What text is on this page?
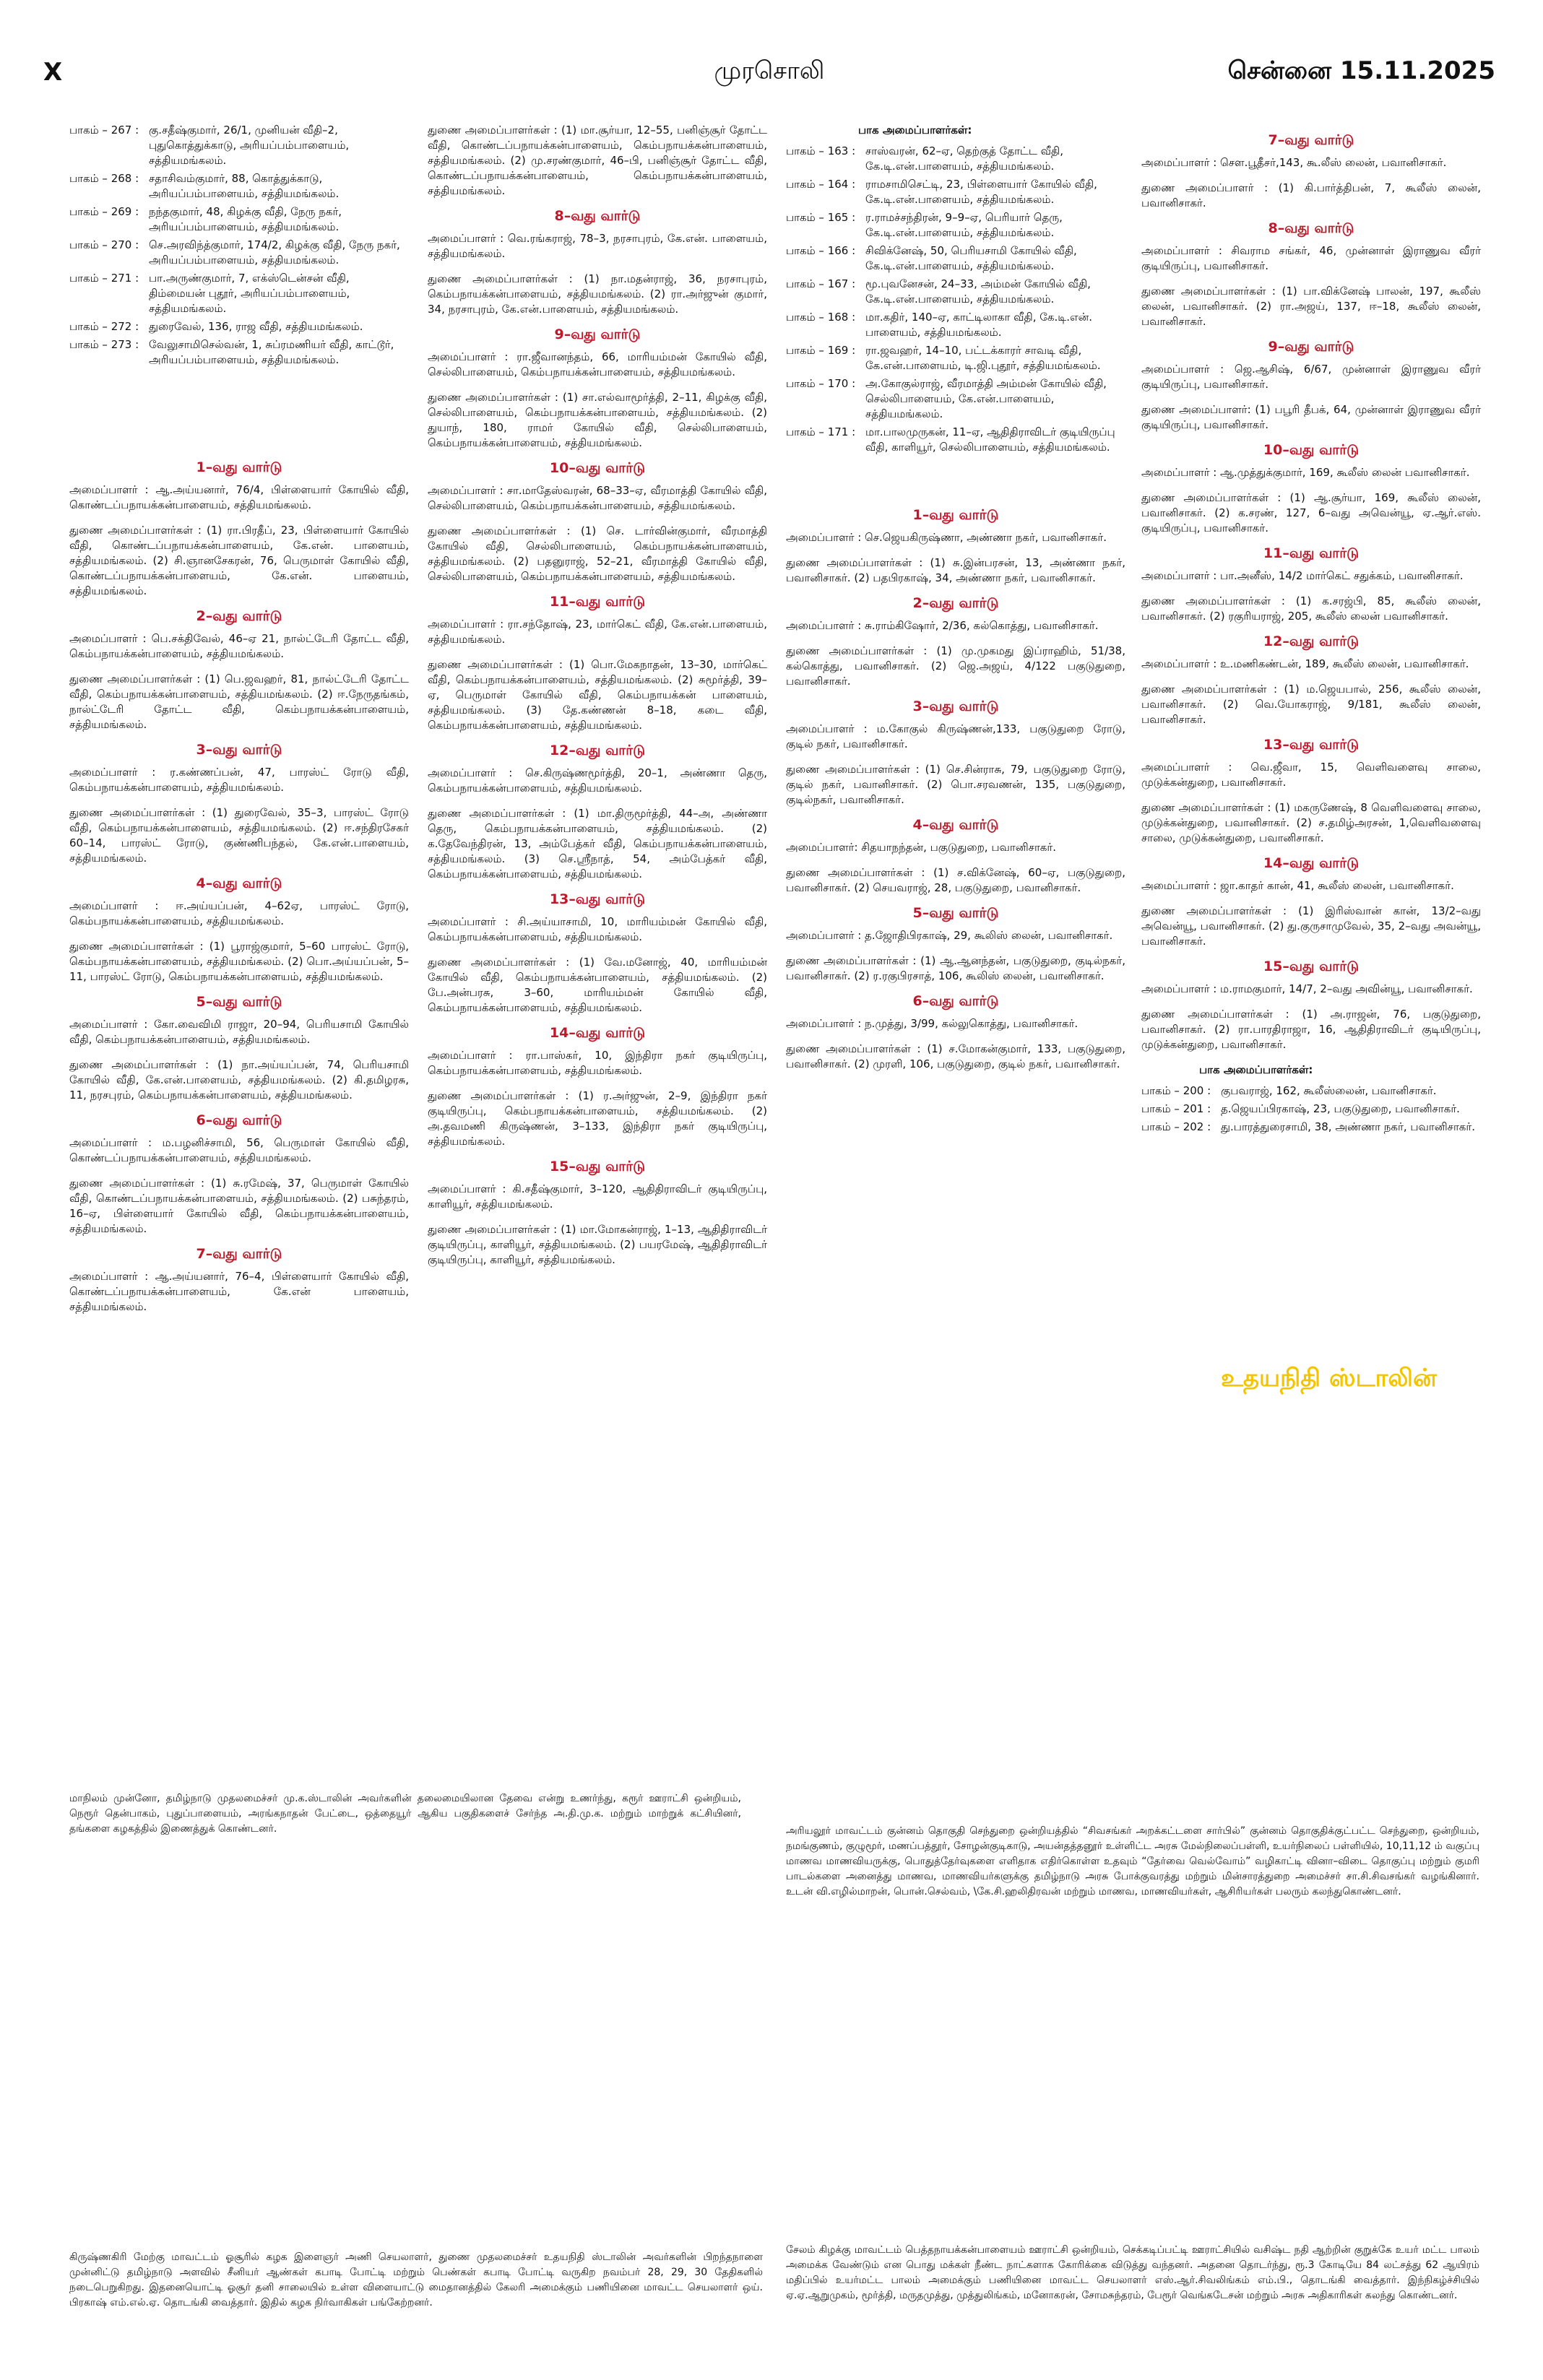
X	முரசொலி	சென்னை 15.11.2025
பாகம் – 267 : கு.சதீஷ்குமார், 26/1, முனியன் வீதி–2, புதுகொத்துக்காடு, அரியப்பம்பாளையம், சத்தியமங்கலம்.
பாகம் – 268 : சதாசிவம்குமார், 88, கொத்துக்காடு, அரியப்பம்பாளையம், சத்தியமங்கலம்.
பாகம் – 269 : நந்தகுமார், 48, கிழக்கு வீதி, நேரு நகர், அரியப்பம்பாளையம், சத்தியமங்கலம்.
பாகம் – 270 : செ.அரவிந்த்குமார், 174/2, கிழக்கு வீதி, நேரு நகர், அரியப்பம்பாளையம், சத்தியமங்கலம்.
பாகம் – 271 : பா.அருண்குமார், 7, எக்ஸ்டென்சன் வீதி, திம்மையன் புதூர், அரியப்பம்பாளையம், சத்தியமங்கலம்.
பாகம் – 272 : துரைவேல், 136, ராஜ வீதி, சத்தியமங்கலம்.
பாகம் – 273 : வேலுசாமிசெல்வன், 1, சுப்ரமணியர் வீதி, காட்டூர், அரியப்பம்பாளையம், சத்தியமங்கலம்.
1–வது வார்டு

அமைப்பாளர் : ஆ.அய்யனார், 76/4, பிள்ளையார் கோயில் வீதி, கொண்டப்பநாயக்கன்பாளையம், சத்தியமங்கலம்.

துணை அமைப்பாளர்கள் : (1) ரா.பிரதீப், 23, பிள்ளையார் கோயில் வீதி, கொண்டப்பநாயக்கன்பாளையம், கே.என். பாளையம், சத்தியமங்கலம். (2) சி.ஞானசேகரன், 76, பெருமாள் கோயில் வீதி, கொண்டப்பநாயக்கன்பாளையம், கே.என். பாளையம், சத்தியமங்கலம்.

2–வது வார்டு

அமைப்பாளர் : பெ.சக்திவேல், 46–ஏ 21, நால்ட்டேரி தோட்ட வீதி, கெம்பநாயக்கன்பாளையம், சத்தியமங்கலம்.

துணை அமைப்பாளர்கள் : (1) பெ.ஜவஹர், 81, நால்ட்டேரி தோட்ட வீதி, கெம்பநாயக்கன்பாளையம், சத்தியமங்கலம். (2) ஈ.நேருதங்கம், நால்ட்டேரி தோட்ட வீதி, கெம்பநாயக்கன்பாளையம், சத்தியமங்கலம்.

3–வது வார்டு

அமைப்பாளர் : ர.கண்ணப்பன், 47, பாரஸ்ட் ரோடு வீதி, கெம்பநாயக்கன்பாளையம், சத்தியமங்கலம்.

துணை அமைப்பாளர்கள் : (1) துரைவேல், 35–3, பாரஸ்ட் ரோடு வீதி, கெம்பநாயக்கன்பாளையம், சத்தியமங்கலம். (2) ஈ.சந்திரசேகர் 60–14, பாரஸ்ட் ரோடு, குண்ணிபந்தல், கே.என்.பாளையம், சத்தியமங்கலம்.

4–வது வார்டு

அமைப்பாளர் : ஈ.அய்யப்பன், 4–62ஏ, பாரஸ்ட் ரோடு, கெம்பநாயக்கன்பாளையம், சத்தியமங்கலம்.

துணை அமைப்பாளர்கள் : (1) பூராஜ்குமார், 5–60 பாரஸ்ட் ரோடு, கெம்பநாயக்கன்பாளையம், சத்தியமங்கலம். (2) பொ.அய்யப்பன், 5–11, பாரஸ்ட் ரோடு, கெம்பநாயக்கன்பாளையம், சத்தியமங்கலம்.

5–வது வார்டு

அமைப்பாளர் : கோ.வைவிமி ராஜா, 20–94, பெரியசாமி கோயில் வீதி, கெம்பநாயக்கன்பாளையம், சத்தியமங்கலம்.

துணை அமைப்பாளர்கள் : (1) நா.அய்யப்பன், 74, பெரியசாமி கோயில் வீதி, கே.என்.பாளையம், சத்தியமங்கலம். (2) கி.தமிழரசு, 11, நரசபுரம், கெம்பநாயக்கன்பாளையம், சத்தியமங்கலம்.

6–வது வார்டு

அமைப்பாளர் : ம.பழனிச்சாமி, 56, பெருமாள் கோயில் வீதி, கொண்டப்பநாயக்கன்பாளையம், சத்தியமங்கலம்.

துணை அமைப்பாளர்கள் : (1) சு.ரமேஷ், 37, பெருமாள் கோயில் வீதி, கொண்டப்பநாயக்கன்பாளையம், சத்தியமங்கலம். (2) பசுந்தரம், 16–ஏ, பிள்ளையார் கோயில் வீதி, கெம்பநாயக்கன்பாளையம், சத்தியமங்கலம்.

7–வது வார்டு

அமைப்பாளர் : ஆ.அய்யனார், 76–4, பிள்ளையார் கோயில் வீதி, கொண்டப்பநாயக்கன்பாளையம், கே.என் பாளையம், சத்தியமங்கலம்.

துணை அமைப்பாளர்கள் : (1) மா.சூர்யா, 12–55, பனிஞ்சூர் தோட்ட வீதி, கொண்டப்பநாயக்கன்பாளையம், கெம்பநாயக்கன்பாளையம், சத்தியமங்கலம். (2) மு.சரண்குமார், 46–பி, பனிஞ்சூர் தோட்ட வீதி, கொண்டப்பநாயக்கன்பாளையம், கெம்பநாயக்கன்பாளையம், சத்தியமங்கலம்.

8–வது வார்டு

அமைப்பாளர் : வெ.ரங்கராஜ், 78–3, நரசாபுரம், கே.என். பாளையம், சத்தியமங்கலம்.

துணை அமைப்பாளர்கள் : (1) நா.மதன்ராஜ், 36, நரசாபுரம், கெம்பநாயக்கன்பாளையம், சத்தியமங்கலம். (2) ரா.அர்ஜுன் குமார், 34, நரசாபுரம், கே.என்.பாளையம், சத்தியமங்கலம்.

9–வது வார்டு

அமைப்பாளர் : ரா.ஜீவானந்தம், 66, மாரியம்மன் கோயில் வீதி, செல்லிபாளையம், கெம்பநாயக்கன்பாளையம், சத்தியமங்கலம்.

துணை அமைப்பாளர்கள் : (1) சா.எல்வாமூர்த்தி, 2–11, கிழக்கு வீதி, செல்லிபாளையம், கெம்பநாயக்கன்பாளையம், சத்தியமங்கலம். (2) துயாந், 180, ராமர் கோயில் வீதி, செல்லிபாளையம், கெம்பநாயக்கன்பாளையம், சத்தியமங்கலம்.

10–வது வார்டு

அமைப்பாளர் : சா.மாதேஸ்வரன், 68–33–ஏ, வீரமாத்தி கோயில் வீதி, செல்லிபாளையம், கெம்பநாயக்கன்பாளையம், சத்தியமங்கலம்.

துணை அமைப்பாளர்கள் : (1) செ. டார்வின்குமார், வீரமாத்தி கோயில் வீதி, செல்லிபாளையம், கெம்பநாயக்கன்பாளையம், சத்தியமங்கலம். (2) பதனுராஜ், 52–21, வீரமாத்தி கோயில் வீதி, செல்லிபாளையம், கெம்பநாயக்கன்பாளையம், சத்தியமங்கலம்.

11–வது வார்டு

அமைப்பாளர் : ரா.சந்தோஷ், 23, மார்கெட் வீதி, கே.என்.பாளையம், சத்தியமங்கலம்.

துணை அமைப்பாளர்கள் : (1) பொ.மேகநாதன், 13–30, மார்கெட் வீதி, கெம்பநாயக்கன்பாளையம், சத்தியமங்கலம். (2) சுமூர்த்தி, 39–ஏ, பெருமாள் கோயில் வீதி, கெம்பநாயக்கன் பாளையம், சத்தியமங்கலம். (3) தே.கண்ணன் 8–18, கடை வீதி, கெம்பநாயக்கன்பாளையம், சத்தியமங்கலம்.

12–வது வார்டு

அமைப்பாளர் : செ.கிருஷ்ணமூர்த்தி, 20–1, அண்ணா தெரு, கெம்பநாயக்கன்பாளையம், சத்தியமங்கலம்.

துணை அமைப்பாளர்கள் : (1) மா.திருமூர்த்தி, 44–அ, அண்ணா தெரு, கெம்பநாயக்கன்பாளையம், சத்தியமங்கலம். (2) க.தேவேந்திரன், 13, அம்பேத்கர் வீதி, கெம்பநாயக்கன்பாளையம், சத்தியமங்கலம். (3) செ.ஸ்ரீநாத், 54, அம்பேத்கர் வீதி, கெம்பநாயக்கன்பாளையம், சத்தியமங்கலம்.

13–வது வார்டு

அமைப்பாளர் : சி.அய்யாசாமி, 10, மாரியம்மன் கோயில் வீதி, கெம்பநாயக்கன்பாளையம், சத்தியமங்கலம்.

துணை அமைப்பாளர்கள் : (1) வே.மனோஜ், 40, மாரியம்மன் கோயில் வீதி, கெம்பநாயக்கன்பாளையம், சத்தியமங்கலம். (2) பே.அன்பரசு, 3–60, மாரியம்மன் கோயில் வீதி, கெம்பநாயக்கன்பாளையம், சத்தியமங்கலம்.

14–வது வார்டு

அமைப்பாளர் : ரா.பாஸ்கர், 10, இந்திரா நகர் குடியிருப்பு, கெம்பநாயக்கன்பாளையம், சத்தியமங்கலம்.

துணை அமைப்பாளர்கள் : (1) ர.அர்ஜுன், 2–9, இந்திரா நகர் குடியிருப்பு, கெம்பநாயக்கன்பாளையம், சத்தியமங்கலம். (2) அ.தவமணி கிருஷ்ணன், 3–133, இந்திரா நகர் குடியிருப்பு, சத்தியமங்கலம்.

15–வது வார்டு

அமைப்பாளர் : கி.சதீஷ்குமார், 3–120, ஆதிதிராவிடர் குடியிருப்பு, காளியூர், சத்தியமங்கலம்.

துணை அமைப்பாளர்கள் : (1) மா.மோகன்ராஜ், 1–13, ஆதிதிராவிடர் குடியிருப்பு, காளியூர், சத்தியமங்கலம். (2) பயரமேஷ், ஆதிதிராவிடர் குடியிருப்பு, காளியூர், சத்தியமங்கலம்.

பாக அமைப்பாளர்கள்:
பாகம் – 163 : சாஸ்வரன், 62–ஏ, தெற்குத் தோட்ட வீதி, கே.டி.என்.பாளையம், சத்தியமங்கலம்.
பாகம் – 164 : ராமசாமிசெட்டி, 23, பிள்ளையார் கோயில் வீதி, கே.டி.என்.பாளையம், சத்தியமங்கலம்.
பாகம் – 165 : ர.ராமச்சந்திரன், 9–9–ஏ, பெரியார் தெரு, கே.டி.என்.பாளையம், சத்தியமங்கலம்.
பாகம் – 166 : சிவிக்னேஷ், 50, பெரியசாமி கோயில் வீதி, கே.டி.என்.பாளையம், சத்தியமங்கலம்.
பாகம் – 167 : மூ.புவனேசன், 24–33, அம்மன் கோயில் வீதி, கே.டி.என்.பாளையம், சத்தியமங்கலம்.
பாகம் – 168 : மா.கதிர், 140–ஏ, காட்டிலாகா வீதி, கே.டி.என். பாளையம், சத்தியமங்கலம்.
பாகம் – 169 : ரா.ஜவஹர், 14–10, பட்டக்காரர் சாவடி வீதி, கே.என்.பாளையம், டி.ஜி.புதூர், சத்தியமங்கலம்.
பாகம் – 170 : அ.கோகுல்ராஜ், வீரமாத்தி அம்மன் கோயில் வீதி, செல்லிபாளையம், கே.என்.பாளையம், சத்தியமங்கலம்.
பாகம் – 171 : மா.பாலமுருகன், 11–ஏ, ஆதிதிராவிடர் குடியிருப்பு வீதி, காளியூர், செல்லிபாளையம், சத்தியமங்கலம்.
1–வது வார்டு

அமைப்பாளர் : செ.ஜெயகிருஷ்ணா, அண்ணா நகர், பவானிசாகர்.

துணை அமைப்பாளர்கள் : (1) சு.இன்பரசன், 13, அண்ணா நகர், பவானிசாகர். (2) பதபிரகாஷ், 34, அண்ணா நகர், பவானிசாகர்.

2–வது வார்டு

அமைப்பாளர் : சு.ராம்கிஷோர், 2/36, கல்கொத்து, பவானிசாகர்.

துணை அமைப்பாளர்கள் : (1) மு.முகமது இப்ராஹிம், 51/38, கல்கொத்து, பவானிசாகர். (2) ஜெ.அஜய், 4/122 பகுடுதுறை, பவானிசாகர்.

3–வது வார்டு

அமைப்பாளர் : ம.கோகுல் கிருஷ்ணன்,133, பகுடுதுறை ரோடு, குடில் நகர், பவானிசாகர்.

துணை அமைப்பாளர்கள் : (1) செ.சின்ராசு, 79, பகுடுதுறை ரோடு, குடில் நகர், பவானிசாகர். (2) பொ.சரவணன், 135, பகுடுதுறை, குடில்நகர், பவானிசாகர்.

4–வது வார்டு

அமைப்பாளர்: சிதயாநந்தன், பகுடுதுறை, பவானிசாகர்.

துணை அமைப்பாளர்கள் : (1) ச.விக்னேஷ், 60–ஏ, பகுடுதுறை, பவானிசாகர். (2) செயவராஜ், 28, பகுடுதுறை, பவானிசாகர்.

5–வது வார்டு

அமைப்பாளர் : த.ஜோதிபிரகாஷ், 29, கூலிஸ் லைன், பவானிசாகர்.

துணை அமைப்பாளர்கள் : (1) ஆ.ஆனந்தன், பகுடுதுறை, குடில்நகர், பவானிசாகர். (2) ர.ரகுபிரசாத், 106, கூலிஸ் லைன், பவானிசாகர்.

6–வது வார்டு

அமைப்பாளர் : ந.முத்து, 3/99, கல்லுகொத்து, பவானிசாகர்.

துணை அமைப்பாளர்கள் : (1) ச.மோகன்குமார், 133, பகுடுதுறை, பவானிசாகர். (2) முரளி, 106, பகுடுதுறை, குடில் நகர், பவானிசாகர்.

7–வது வார்டு

அமைப்பாளர் : செள.பூதீசர்,143, கூ.லீஸ் லைன், பவானிசாகர்.

துணை அமைப்பாளர் : (1) கி.பார்த்திபன், 7, கூலீஸ் லைன், பவானிசாகர்.

8–வது வார்டு

அமைப்பாளர் : சிவராம சங்கர், 46, முன்னாள் இராணுவ வீரர் குடியிருப்பு, பவானிசாகர்.

துணை அமைப்பாளர்கள் : (1) பா.விக்னேஷ் பாலன், 197, கூலீஸ் லைன், பவானிசாகர். (2) ரா.அஜய், 137, ஈ–18, கூலீஸ் லைன், பவானிசாகர்.

9–வது வார்டு

அமைப்பாளர் : ஜெ.ஆசிஷ், 6/67, முன்னாள் இராணுவ வீரர் குடியிருப்பு, பவானிசாகர்.

துணை அமைப்பாளர்: (1) பபூரி தீபக், 64, முன்னாள் இராணுவ வீரர் குடியிருப்பு, பவானிசாகர்.

10–வது வார்டு

அமைப்பாளர் : ஆ.முத்துக்குமார், 169, கூலீஸ் லைன் பவானிசாகர்.

துணை அமைப்பாளர்கள் : (1) ஆ.சூர்யா, 169, கூலீஸ் லைன், பவானிசாகர். (2) க.சரண், 127, 6–வது அவென்யூ, ஏ.ஆர்.எஸ். குடியிருப்பு, பவானிசாகர்.

11–வது வார்டு

அமைப்பாளர் : பா.அனீஸ், 14/2 மார்கெட் சதுக்கம், பவானிசாகர்.

துணை அமைப்பாளர்கள் : (1) க.சரஜ்பி, 85, கூலீஸ் லைன், பவானிசாகர். (2) ரகுரியராஜ், 205, கூலீஸ் லைன் பவானிசாகர்.

12–வது வார்டு

அமைப்பாளர் : உ.மணிகண்டன், 189, கூலீஸ் லைன், பவானிசாகர்.

துணை அமைப்பாளர்கள் : (1) ம.ஜெயபால், 256, கூலீஸ் லைன், பவானிசாகர். (2) வெ.யோகராஜ், 9/181, கூலீஸ் லைன், பவானிசாகர்.

13–வது வார்டு

அமைப்பாளர் : வெ.ஜீவா, 15, வெளிவளைவு சாலை, முடுக்கன்துறை, பவானிசாகர்.

துணை அமைப்பாளர்கள் : (1) மகருணேஷ், 8 வெளிவளைவு சாலை, முடுக்கன்துறை, பவானிசாகர். (2) ச.தமிழ்அரசன், 1,வெளிவளைவு சாலை, முடுக்கன்துறை, பவானிசாகர்.

14–வது வார்டு

அமைப்பாளர் : ஜா.காதர் கான், 41, கூலீஸ் லைன், பவானிசாகர்.

துணை அமைப்பாளர்கள் : (1) இரிஸ்வான் கான், 13/2–வது அவென்யூ, பவானிசாகர். (2) து.குருசாமுவேல், 35, 2–வது அவன்யூ, பவானிசாகர்.

15–வது வார்டு

அமைப்பாளர் : ம.ராமகுமார், 14/7, 2–வது அவின்யூ, பவானிசாகர்.

துணை அமைப்பாளர்கள் : (1) அ.ராஜன், 76, பகுடுதுறை, பவானிசாகர். (2) ரா.பாரதிராஜா, 16, ஆதிதிராவிடர் குடியிருப்பு, முடுக்கன்துறை, பவானிசாகர்.

பாக அமைப்பாளர்கள்:
பாகம் – 200 : குபவராஜ், 162, கூலீஸ்லைன், பவானிசாகர்.
பாகம் – 201 : த.ஜெயப்பிரகாஷ், 23, பகுடுதுறை, பவானிசாகர்.
பாகம் – 202 : து.பாரத்துரைசாமி, 38, அண்ணா நகர், பவானிசாகர்.
உதயநிதி ஸ்டாலின்
மாநிலம் முன்னோ, தமிழ்நாடு முதலமைச்சர் மு.க.ஸ்டாலின் அவர்களின் தலைமையிலான தேவை என்று உணர்ந்து, கரூர் ஊராட்சி ஒன்றியம், நெரூர் தென்பாகம், புதுப்பாளையம், அரங்கநாதன் பேட்டை, ஒத்தையூர் ஆகிய பகுதிகளைச் சேர்ந்த அ.தி.மு.க. மற்றும் மாற்றுக் கட்சியினர், தங்களை கழகத்தில் இணைத்துக் கொண்டனர்.	அரியலூர் மாவட்டம் குன்னம் தொகுதி செந்துறை ஒன்றியத்தில் “சிவசங்கர் அறக்கட்டளை சார்பில்” குன்னம் தொகுதிக்குட்பட்ட செந்துறை, ஒன்றியம், நமங்குணம், குழுமூர், மணப்பத்தூர், சோழன்குடிகாடு, அயன்தத்தனூர் உள்ளிட்ட அரசு மேல்நிலைப்பள்ளி, உயர்நிலைப் பள்ளியில், 10,11,12 ம் வகுப்பு மாணவ மாணவியருக்கு, பொதுத்தேர்வுகளை எளிதாக எதிர்கொள்ள உதவும் “தேர்வை வெல்வோம்” வழிகாட்டி வினா–விடை தொகுப்பு மற்றும் குமரி பாடல்களை அனைத்து மாணவ, மாணவியர்களுக்கு தமிழ்நாடு அரசு போக்குவரத்து மற்றும் மின்சாரத்துறை அமைச்சர் சா.சி.சிவசங்கர் வழங்கினார். உடன் வி.எழில்மாறன், பொன்.செல்வம், \கே.சி.ஹலிதிரவன் மற்றும் மாணவ, மாணவியர்கள், ஆசிரியர்கள் பலரும் கலந்துகொண்டனர்.
கிருஷ்ணகிரி மேற்கு மாவட்டம் ஓசூரில் கழக இளைஞர் அணி செயலாளர், துணை முதலமைச்சர் உதயநிதி ஸ்டாலின் அவர்களின் பிறந்தநாளை முன்னிட்டு தமிழ்நாடு அளவில் சீனியர் ஆண்கள் கபாடி போட்டி மற்றும் பெண்கள் கபாடி போட்டி வருகிற நவம்பர் 28, 29, 30 தேதிகளில் நடைபெறுகிறது. இதனையொட்டி ஓசூர் தனி சாலையில் உள்ள விளையாட்டு மைதானத்தில் கேலரி அமைக்கும் பணியினை மாவட்ட செயலாளர் ஒய். பிரகாஷ் எம்.எல்.ஏ. தொடங்கி வைத்தார். இதில் கழக நிர்வாகிகள் பங்கேற்றனர்.
சேலம் கிழக்கு மாவட்டம் பெத்தநாயக்கன்பாளையம் ஊராட்சி ஒன்றியம், செக்கடிப்பட்டி ஊராட்சியில் வசிஷ்ட நதி ஆற்றின் குறுக்கே உயர் மட்ட பாலம் அமைக்க வேண்டும் என பொது மக்கள் நீண்ட நாட்களாக கோரிக்கை விடுத்து வந்தனர். அதனை தொடர்ந்து, ரூ.3 கோடியே 84 லட்சத்து 62 ஆயிரம் மதிப்பில் உயர்மட்ட பாலம் அமைக்கும் பணியினை மாவட்ட செயலாளர் எஸ்.ஆர்.சிவலிங்கம் எம்.பி., தொடங்கி வைத்தார். இந்நிகழ்ச்சியில் ஏ.ஏ.ஆறுமுகம், மூர்த்தி, மருதமுத்து, முத்துலிங்கம், மனோகரன், சோமசுந்தரம், பேரூர் வெங்கடேசன் மற்றும் அரசு அதிகாரிகள் கலந்து கொண்டனர்.
